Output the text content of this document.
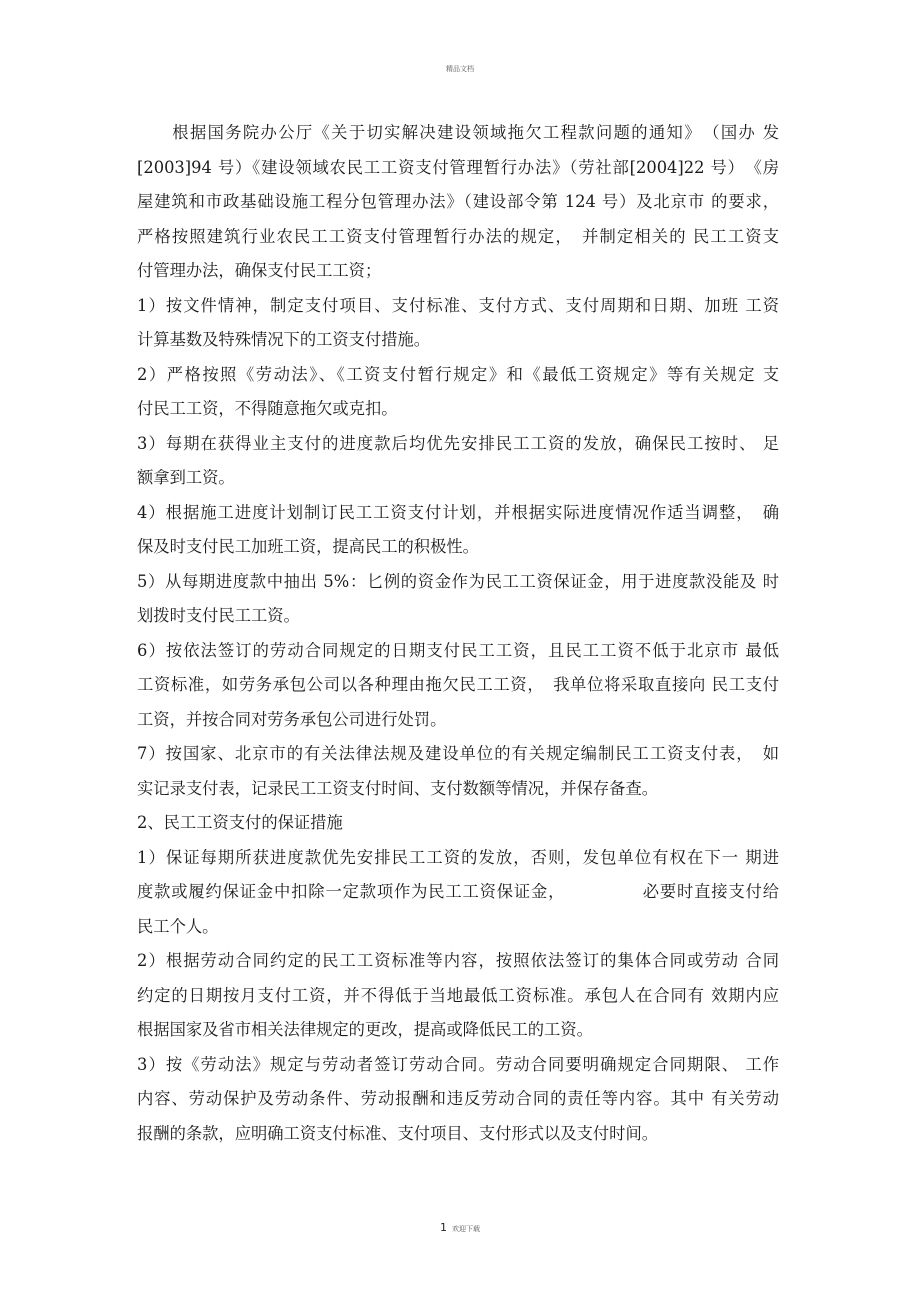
精品文档
　　根据国务院办公厅《关于切实解决建设领域拖欠工程款问题的通知》　（国办 发
[2003]94 号）《建设领域农民工工资支付管理暂行办法》（劳社部[2004]22 号）　《房
屋建筑和市政基础设施工程分包管理办法》（建设部令第 124 号）及北京市 的要求，
严格按照建筑行业农民工工资支付管理暂行办法的规定，　并制定相关的 民工工资支
付管理办法，确保支付民工工资；
1）按文件情神，制定支付项目、支付标准、支付方式、支付周期和日期、加班 工资
计算基数及特殊情况下的工资支付措施。
2）严格按照《劳动法》、《工资支付暂行规定》和《最低工资规定》等有关规定 支
付民工工资，不得随意拖欠或克扣。
3）每期在获得业主支付的进度款后均优先安排民工工资的发放，确保民工按时、 足
额拿到工资。
4）根据施工进度计划制订民工工资支付计划，并根据实际进度情况作适当调整，　确
保及时支付民工加班工资，提高民工的积极性。
5）从每期进度款中抽出 5%：匕例的资金作为民工工资保证金，用于进度款没能及 时
划拨时支付民工工资。
6）按依法签订的劳动合同规定的日期支付民工工资，且民工工资不低于北京市 最低
工资标准，如劳务承包公司以各种理由拖欠民工工资，　我单位将采取直接向 民工支付
工资，并按合同对劳务承包公司进行处罚。
7）按国家、北京市的有关法律法规及建设单位的有关规定编制民工工资支付表，　如
实记录支付表，记录民工工资支付时间、支付数额等情况，并保存备查。
2、民工工资支付的保证措施
1）保证每期所获进度款优先安排民工工资的发放，否则，发包单位有权在下一 期进
度款或履约保证金中扣除一定款项作为民工工资保证金，　　　　　必要时直接支付给
民工个人。
2）根据劳动合同约定的民工工资标准等内容，按照依法签订的集体合同或劳动 合同
约定的日期按月支付工资，并不得低于当地最低工资标准。承包人在合同有 效期内应
根据国家及省市相关法律规定的更改，提高或降低民工的工资。
3）按《劳动法》规定与劳动者签订劳动合同。劳动合同要明确规定合同期限、 工作
内容、劳动保护及劳动条件、劳动报酬和违反劳动合同的责任等内容。其中 有关劳动
报酬的条款，应明确工资支付标准、支付项目、支付形式以及支付时间。
1 欢迎下载
